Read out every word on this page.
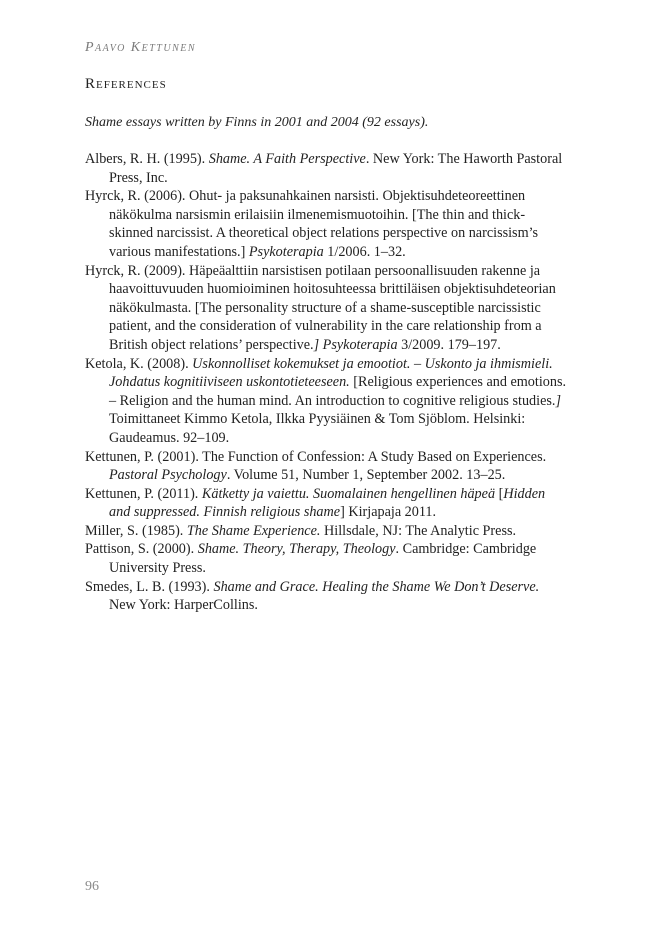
Paavo Kettunen
References
Shame essays written by Finns in 2001 and 2004 (92 essays).
Albers, R. H. (1995). Shame. A Faith Perspective. New York: The Haworth Pastoral Press, Inc.
Hyrck, R. (2006). Ohut- ja paksunahkainen narsisti. Objektisuhdeteoreettinen näkökulma narsismin erilaisiin ilmenemismuotoihin. [The thin and thick-skinned narcissist. A theoretical object relations perspective on narcissism’s various manifestations.] Psykoterapia 1/2006. 1–32.
Hyrck, R. (2009). Häpeäalttiin narsistisen potilaan persoonallisuuden rakenne ja haavoittuvuuden huomioiminen hoitosuhteessa brittiläisen objektisuhdeteorian näkökulmasta. [The personality structure of a shame-susceptible narcissistic patient, and the consideration of vulnerability in the care relationship from a British object relations’ perspective.] Psykoterapia 3/2009. 179–197.
Ketola, K. (2008). Uskonnolliset kokemukset ja emootiot. – Uskonto ja ihmismieli. Johdatus kognitiiviseen uskontotieteeseen. [Religious experiences and emotions. – Religion and the human mind. An introduction to cognitive religious studies.] Toimittaneet Kimmo Ketola, Ilkka Pyysiäinen & Tom Sjöblom. Helsinki: Gaudeamus. 92–109.
Kettunen, P. (2001). The Function of Confession: A Study Based on Experiences. Pastoral Psychology. Volume 51, Number 1, September 2002. 13–25.
Kettunen, P. (2011). Kätketty ja vaiettu. Suomalainen hengellinen häpeä [Hidden and suppressed. Finnish religious shame] Kirjapaja 2011.
Miller, S. (1985). The Shame Experience. Hillsdale, NJ: The Analytic Press.
Pattison, S. (2000). Shame. Theory, Therapy, Theology. Cambridge: Cambridge University Press.
Smedes, L. B. (1993). Shame and Grace. Healing the Shame We Don’t Deserve. New York: HarperCollins.
96
